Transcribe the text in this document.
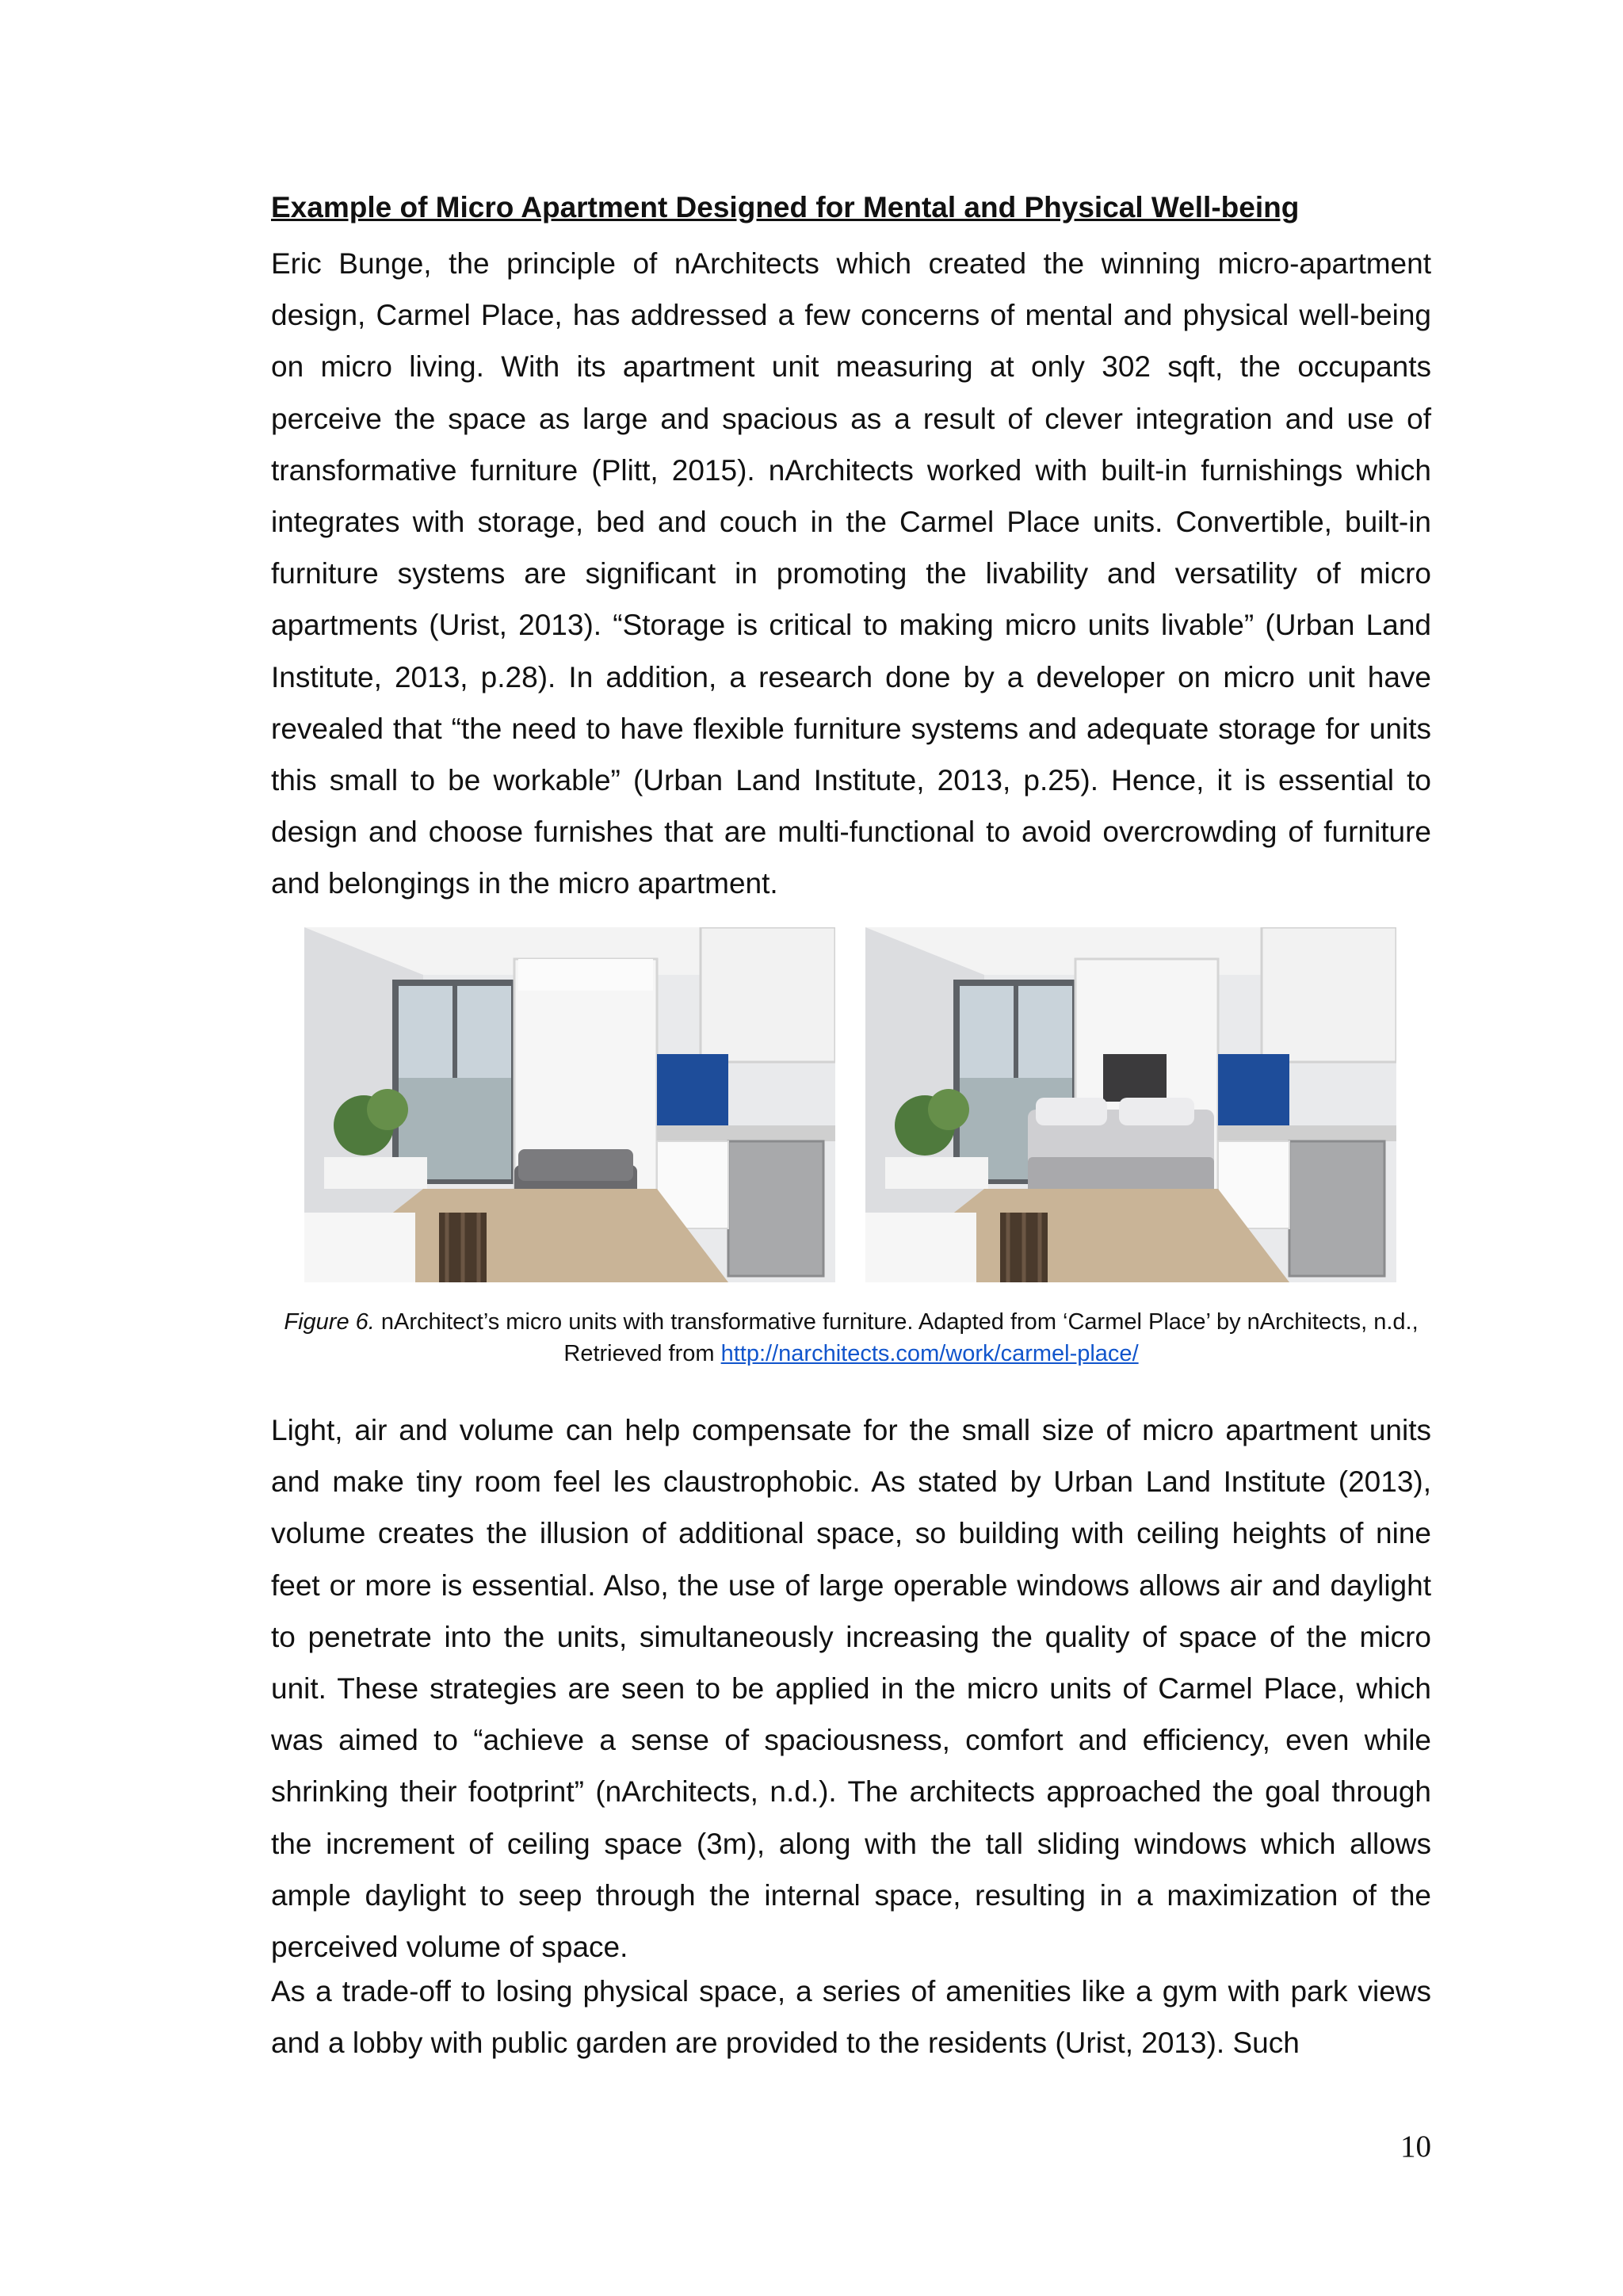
Example of Micro Apartment Designed for Mental and Physical Well-being

Eric Bunge, the principle of nArchitects which created the winning micro-apartment design, Carmel Place, has addressed a few concerns of mental and physical well-being on micro living. With its apartment unit measuring at only 302 sqft, the occupants perceive the space as large and spacious as a result of clever integration and use of transformative furniture (Plitt, 2015). nArchitects worked with built-in furnishings which integrates with storage, bed and couch in the Carmel Place units. Convertible, built-in furniture systems are significant in promoting the livability and versatility of micro apartments (Urist, 2013). “Storage is critical to making micro units livable” (Urban Land Institute, 2013, p.28). In addition, a research done by a developer on micro unit have revealed that “the need to have flexible furniture systems and adequate storage for units this small to be workable” (Urban Land Institute, 2013, p.25). Hence, it is essential to design and choose furnishes that are multi-functional to avoid overcrowding of furniture and belongings in the micro apartment.

Figure 6. nArchitect’s micro units with transformative furniture. Adapted from ‘Carmel Place’ by nArchitects, n.d., Retrieved from http://narchitects.com/work/carmel-place/

Light, air and volume can help compensate for the small size of micro apartment units and make tiny room feel les claustrophobic. As stated by Urban Land Institute (2013), volume creates the illusion of additional space, so building with ceiling heights of nine feet or more is essential. Also, the use of large operable windows allows air and daylight to penetrate into the units, simultaneously increasing the quality of space of the micro unit. These strategies are seen to be applied in the micro units of Carmel Place, which was aimed to “achieve a sense of spaciousness, comfort and efficiency, even while shrinking their footprint” (nArchitects, n.d.). The architects approached the goal through the increment of ceiling space (3m), along with the tall sliding windows which allows ample daylight to seep through the internal space, resulting in a maximization of the perceived volume of space.

As a trade-off to losing physical space, a series of amenities like a gym with park views and a lobby with public garden are provided to the residents (Urist, 2013). Such

10
